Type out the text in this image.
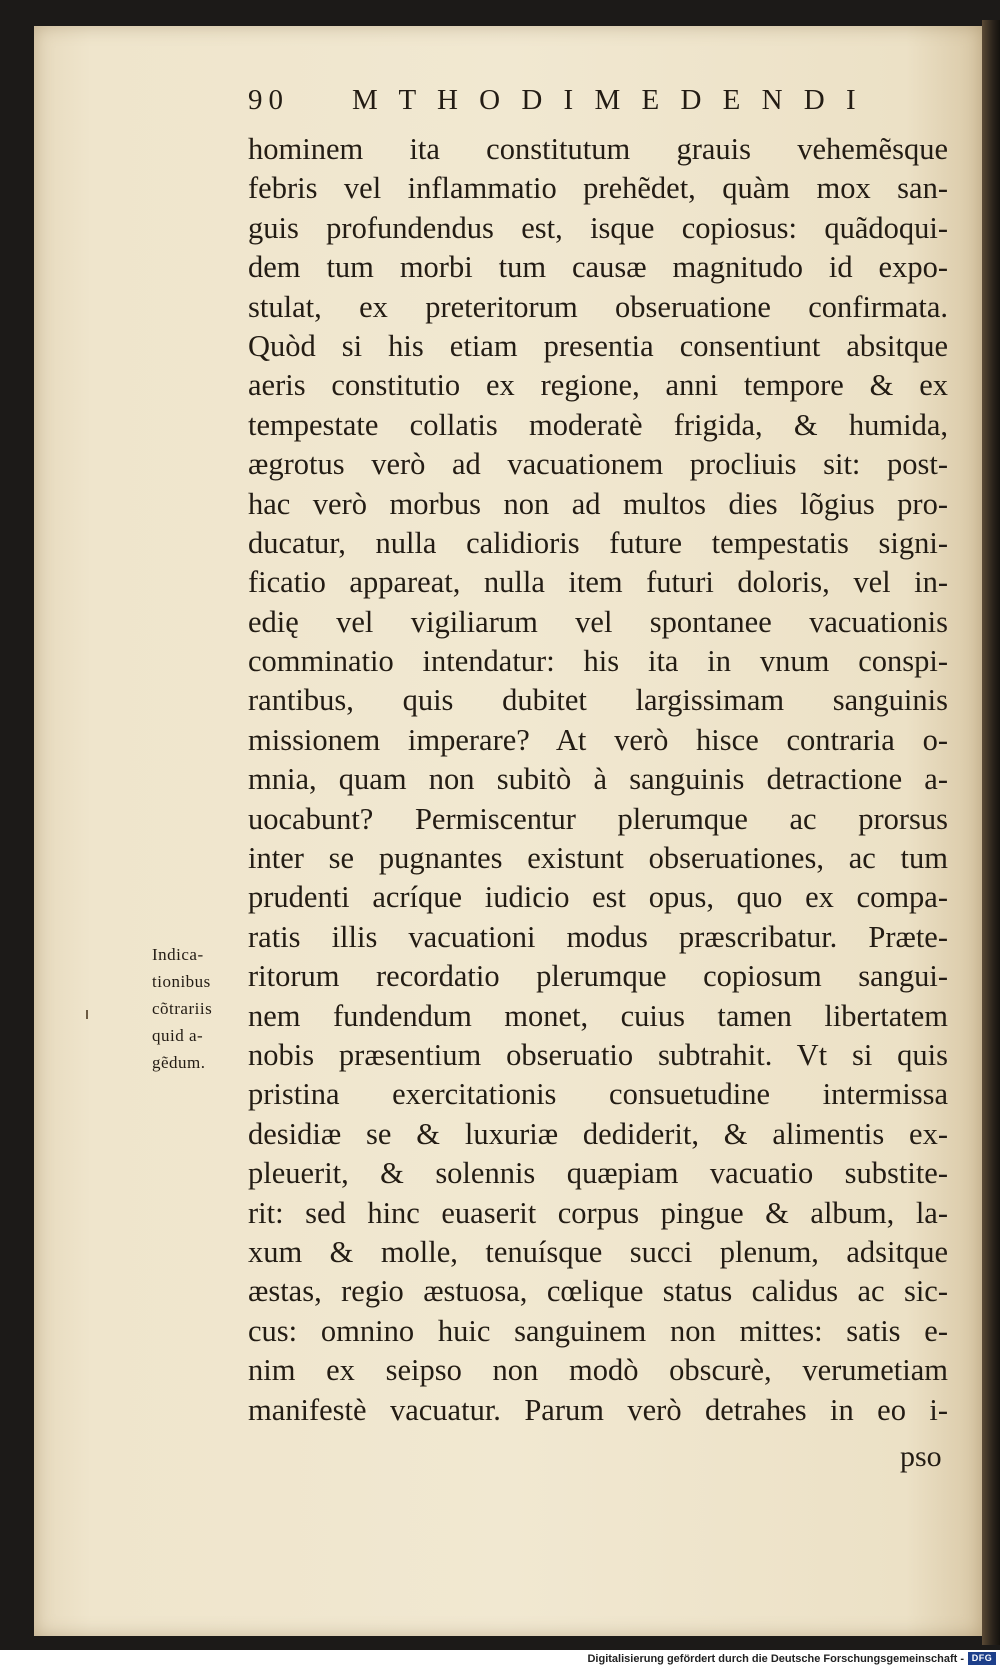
90 M T H O D I M E D E N D I
Indica-
tionibus
cõtrariis
quid a-
gẽdum.
hominem ita constitutum grauis vehemẽsque
febris vel inflammatio prehẽdet, quàm mox san-
guis profundendus est, isque copiosus: quãdoqui-
dem tum morbi tum causæ magnitudo id expo-
stulat, ex preteritorum obseruatione confirmata.
Quòd si his etiam presentia consentiunt absitque
aeris constitutio ex regione, anni tempore & ex
tempestate collatis moderatè frigida, & humida,
ægrotus verò ad vacuationem procliuis sit: post-
hac verò morbus non ad multos dies lõgius pro-
ducatur, nulla calidioris future tempestatis signi-
ficatio appareat, nulla item futuri doloris, vel in-
edię vel vigiliarum vel spontanee vacuationis
comminatio intendatur: his ita in vnum conspi-
rantibus, quis dubitet largissimam sanguinis
missionem imperare? At verò hisce contraria o-
mnia, quam non subitò à sanguinis detractione a-
uocabunt? Permiscentur plerumque ac prorsus
inter se pugnantes existunt obseruationes, ac tum
prudenti acríque iudicio est opus, quo ex compa-
ratis illis vacuationi modus præscribatur. Præte-
ritorum recordatio plerumque copiosum sangui-
nem fundendum monet, cuius tamen libertatem
nobis præsentium obseruatio subtrahit. Vt si quis
pristina exercitationis consuetudine intermissa
desidiæ se & luxuriæ dediderit, & alimentis ex-
pleuerit, & solennis quæpiam vacuatio substite-
rit: sed hinc euaserit corpus pingue & album, la-
xum & molle, tenuísque succi plenum, adsitque
æstas, regio æstuosa, cœlique status calidus ac sic-
cus: omnino huic sanguinem non mittes: satis e-
nim ex seipso non modò obscurè, verumetiam
manifestè vacuatur. Parum verò detrahes in eo i-
pso
Digitalisierung gefördert durch die Deutsche Forschungsgemeinschaft - DFG
